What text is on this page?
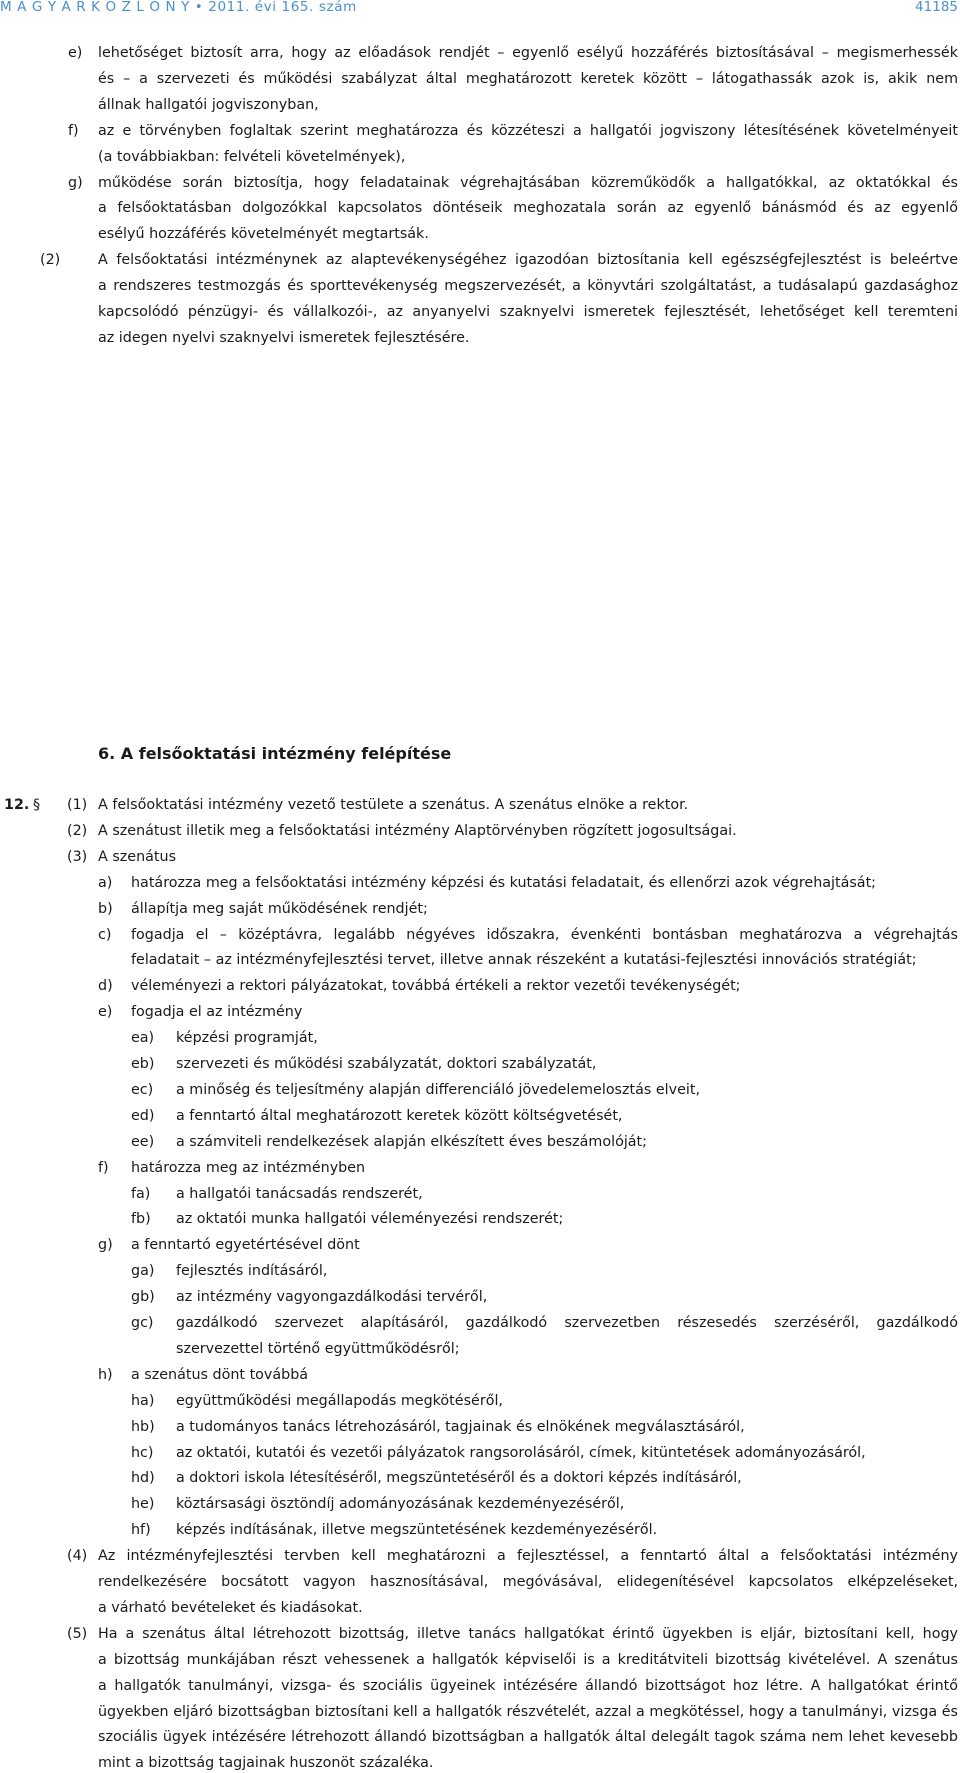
M A G Y A R K Ö Z L Ö N Y • 2011. évi 165. szám	41185
e) lehetőséget biztosít arra, hogy az előadások rendjét – egyenlő esélyű hozzáférés biztosításával – megismerhessék
és – a szervezeti és működési szabályzat által meghatározott keretek között – látogathassák azok is, akik nem
állnak hallgatói jogviszonyban,
f) az e törvényben foglaltak szerint meghatározza és közzéteszi a hallgatói jogviszony létesítésének követelményeit
(a továbbiakban: felvételi követelmények),
g) működése során biztosítja, hogy feladatainak végrehajtásában közreműködők a hallgatókkal, az oktatókkal és
a felsőoktatásban dolgozókkal kapcsolatos döntéseik meghozatala során az egyenlő bánásmód és az egyenlő
esélyű hozzáférés követelményét megtartsák.
(2)	A felsőoktatási intézménynek az alaptevékenységéhez igazodóan biztosítania kell egészségfejlesztést is beleértve
a rendszeres testmozgás és sporttevékenység megszervezését, a könyvtári szolgáltatást, a tudásalapú gazdasághoz
kapcsolódó pénzügyi- és vállalkozói-, az anyanyelvi szaknyelvi ismeretek fejlesztését, lehetőséget kell teremteni
az idegen nyelvi szaknyelvi ismeretek fejlesztésére.
(1) A felsőoktatási intézmény vezető testülete a szenátus. A szenátus elnöke a rektor.
(2) A szenátust illetik meg a felsőoktatási intézmény Alaptörvényben rögzített jogosultságai.
(3) A szenátus
a) határozza meg a felsőoktatási intézmény képzési és kutatási feladatait, és ellenőrzi azok végrehajtását;
b) állapítja meg saját működésének rendjét;
c) fogadja el – középtávra, legalább négyéves időszakra, évenkénti bontásban meghatározva a végrehajtás
feladatait – az intézményfejlesztési tervet, illetve annak részeként a kutatási-fejlesztési innovációs stratégiát;
d) véleményezi a rektori pályázatokat, továbbá értékeli a rektor vezetői tevékenységét;
e) fogadja el az intézmény
ea) képzési programját,
eb) szervezeti és működési szabályzatát, doktori szabályzatát,
ec) a minőség és teljesítmény alapján differenciáló jövedelemelosztás elveit,
ed) a fenntartó által meghatározott keretek között költségvetését,
ee) a számviteli rendelkezések alapján elkészített éves beszámolóját;
f) határozza meg az intézményben
fa) a hallgatói tanácsadás rendszerét,
fb) az oktatói munka hallgatói véleményezési rendszerét;
g) a fenntartó egyetértésével dönt
ga) fejlesztés indításáról,
gb) az intézmény vagyongazdálkodási tervéről,
gc) gazdálkodó szervezet alapításáról, gazdálkodó szervezetben részesedés szerzéséről, gazdálkodó
szervezettel történő együttműködésről;
h) a szenátus dönt továbbá
ha) együttműködési megállapodás megkötéséről,
hb) a tudományos tanács létrehozásáról, tagjainak és elnökének megválasztásáról,
hc) az oktatói, kutatói és vezetői pályázatok rangsorolásáról, címek, kitüntetések adományozásáról,
hd) a doktori iskola létesítéséről, megszüntetéséről és a doktori képzés indításáról,
he) köztársasági ösztöndíj adományozásának kezdeményezéséről,
hf) képzés indításának, illetve megszüntetésének kezdeményezéséről.
(4) Az intézményfejlesztési tervben kell meghatározni a fejlesztéssel, a fenntartó által a felsőoktatási intézmény
rendelkezésére bocsátott vagyon hasznosításával, megóvásával, elidegenítésével kapcsolatos elképzeléseket,
a várható bevételeket és kiadásokat.
(5) Ha a szenátus által létrehozott bizottság, illetve tanács hallgatókat érintő ügyekben is eljár, biztosítani kell, hogy
a bizottság munkájában részt vehessenek a hallgatók képviselői is a kreditátviteli bizottság kivételével. A szenátus
a hallgatók tanulmányi, vizsga- és szociális ügyeinek intézésére állandó bizottságot hoz létre. A hallgatókat érintő
ügyekben eljáró bizottságban biztosítani kell a hallgatók részvételét, azzal a megkötéssel, hogy a tanulmányi, vizsga és
szociális ügyek intézésére létrehozott állandó bizottságban a hallgatók által delegált tagok száma nem lehet kevesebb
mint a bizottság tagjainak huszonöt százaléka.
6. A felsőoktatási intézmény felépítése
12. §
